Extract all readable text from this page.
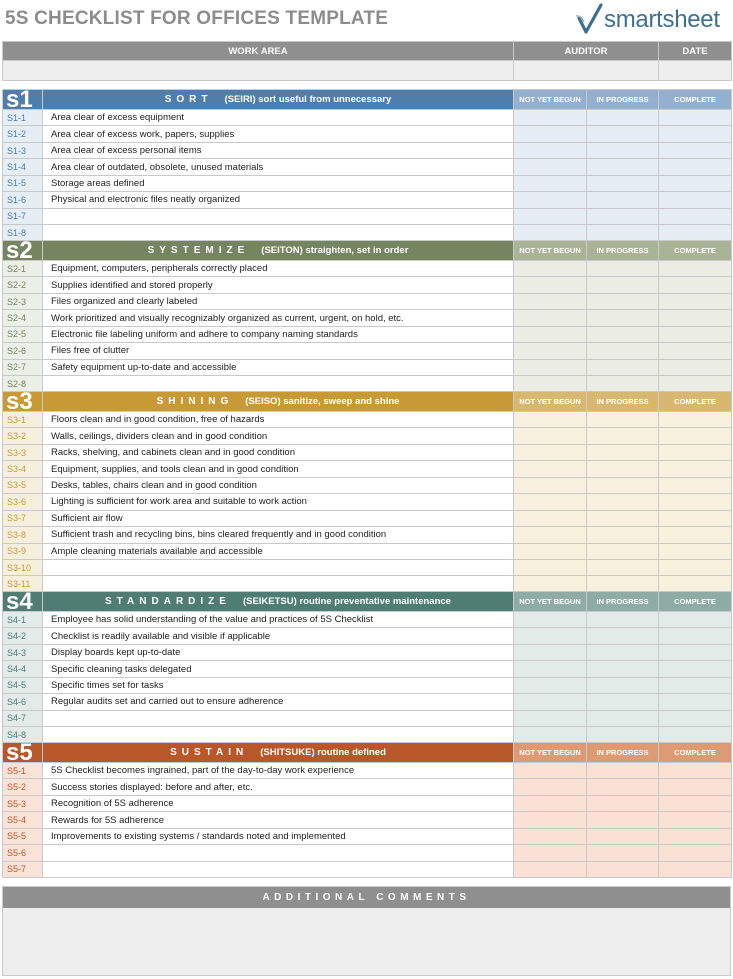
5S CHECKLIST FOR OFFICES TEMPLATE	smartsheet
WORK AREA	AUDITOR	DATE

s1	SORT (SEIRI) sort useful from unnecessary	NOT YET BEGUN	IN PROGRESS	COMPLETE
S1-1	Area clear of excess equipment			
S1-2	Area clear of excess work, papers, supplies			
S1-3	Area clear of excess personal items			
S1-4	Area clear of outdated, obsolete, unused materials			
S1-5	Storage areas defined			
S1-6	Physical and electronic files neatly organized			
S1-7				
S1-8				
s2	SYSTEMIZE (SEITON) straighten, set in order	NOT YET BEGUN	IN PROGRESS	COMPLETE
S2-1	Equipment, computers, peripherals correctly placed			
S2-2	Supplies identified and stored properly			
S2-3	Files organized and clearly labeled			
S2-4	Work prioritized and visually recognizably organized as current, urgent, on hold, etc.			
S2-5	Electronic file labeling uniform and adhere to company naming standards			
S2-6	Files free of clutter			
S2-7	Safety equipment up-to-date and accessible			
S2-8				
s3	SHINING (SEISO) sanitize, sweep and shine	NOT YET BEGUN	IN PROGRESS	COMPLETE
S3-1	Floors clean and in good condition, free of hazards			
S3-2	Walls, ceilings, dividers clean and in good condition			
S3-3	Racks, shelving, and cabinets clean and in good condition			
S3-4	Equipment, supplies, and tools clean and in good condition			
S3-5	Desks, tables, chairs clean and in good condition			
S3-6	Lighting is sufficient for work area and suitable to work action			
S3-7	Sufficient air flow			
S3-8	Sufficient trash and recycling bins, bins cleared frequently and in good condition			
S3-9	Ample cleaning materials available and accessible			
S3-10				
S3-11				
s4	STANDARDIZE (SEIKETSU) routine preventative maintenance	NOT YET BEGUN	IN PROGRESS	COMPLETE
S4-1	Employee has solid understanding of the value and practices of 5S Checklist			
S4-2	Checklist is readily available and visible if applicable			
S4-3	Display boards kept up-to-date			
S4-4	Specific cleaning tasks delegated			
S4-5	Specific times set for tasks			
S4-6	Regular audits set and carried out to ensure adherence			
S4-7				
S4-8				
s5	SUSTAIN (SHITSUKE) routine defined	NOT YET BEGUN	IN PROGRESS	COMPLETE
S5-1	5S Checklist becomes ingrained, part of the day-to-day work experience			
S5-2	Success stories displayed: before and after, etc.			
S5-3	Recognition of 5S adherence			
S5-4	Rewards for 5S adherence			
S5-5	Improvements to existing systems / standards noted and implemented			
S5-6				
S5-7				
ADDITIONAL COMMENTS
